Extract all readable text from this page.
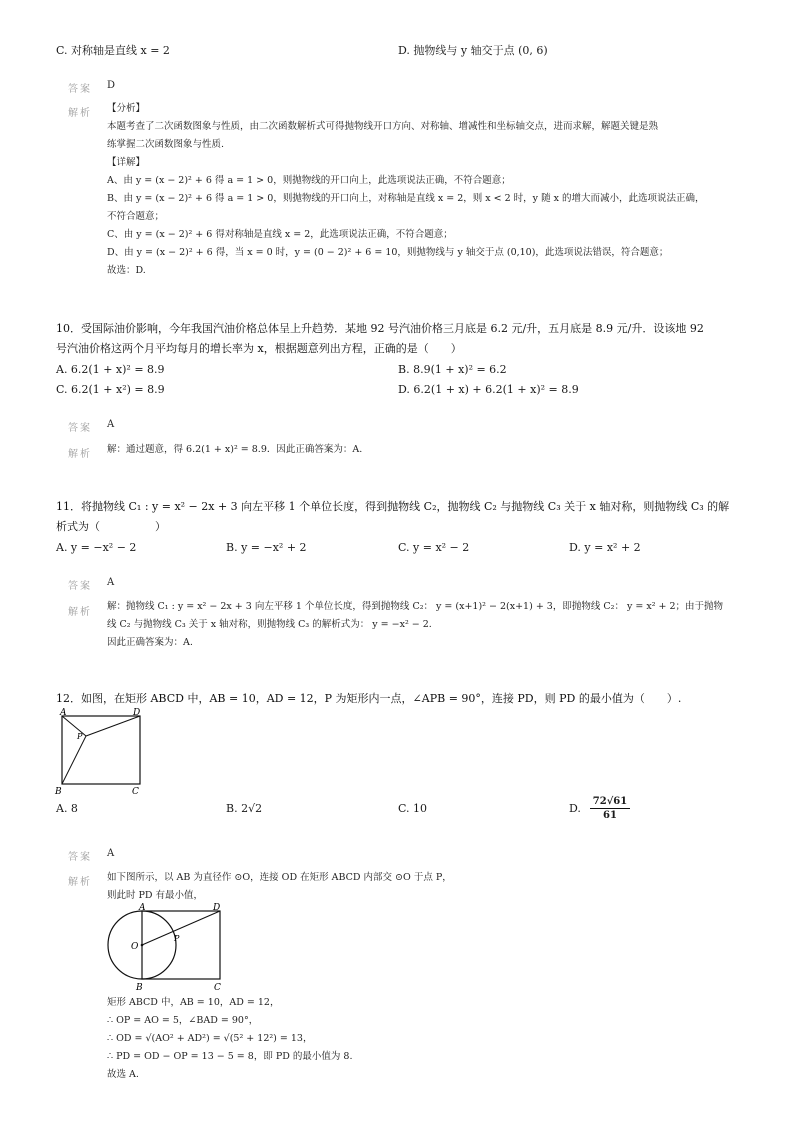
C. 对称轴是直线 x = 2	D. 抛物线与 y 轴交于点 (0, 6)
答案 D
解析 【分析】
本题考查了二次函数图象与性质，由二次函数解析式可得抛物线开口方向、对称轴、增减性和坐标轴交点，进而求解，解题关键是熟
练掌握二次函数图象与性质.
【详解】
A、由 y = (x − 2)² + 6 得 a = 1 > 0，则抛物线的开口向上，此选项说法正确，不符合题意；
B、由 y = (x − 2)² + 6 得 a = 1 > 0，则抛物线的开口向上，对称轴是直线 x = 2，则 x < 2 时，y 随 x 的增大而减小，此选项说法正确，
不符合题意；
C、由 y = (x − 2)² + 6 得对称轴是直线 x = 2，此选项说法正确，不符合题意；
D、由 y = (x − 2)² + 6 得，当 x = 0 时，y = (0 − 2)² + 6 = 10，则抛物线与 y 轴交于点 (0,10)，此选项说法错误，符合题意；
故选：D.
10．受国际油价影响，今年我国汽油价格总体呈上升趋势．某地 92 号汽油价格三月底是 6.2 元/升，五月底是 8.9 元/升．设该地 92
号汽油价格这两个月平均每月的增长率为 x，根据题意列出方程，正确的是（　　）
A. 6.2(1 + x)² = 8.9	B. 8.9(1 + x)² = 6.2
C. 6.2(1 + x²) = 8.9	D. 6.2(1 + x) + 6.2(1 + x)² = 8.9
答案 A
解析 解：通过题意，得 6.2(1 + x)² = 8.9．因此正确答案为：A.
11．将抛物线 C₁ : y = x² − 2x + 3 向左平移 1 个单位长度，得到抛物线 C₂，抛物线 C₂ 与抛物线 C₃ 关于 x 轴对称，则抛物线 C₃ 的解
析式为（　　　　　）
A. y = −x² − 2	B. y = −x² + 2	C. y = x² − 2	D. y = x² + 2
答案 A
解析
解：抛物线 C₁ : y = x² − 2x + 3 向左平移 1 个单位长度，得到抛物线 C₂： y = (x+1)² − 2(x+1) + 3，即抛物线 C₂： y = x² + 2；由于抛物
线 C₂ 与抛物线 C₃ 关于 x 轴对称，则抛物线 C₃ 的解析式为： y = −x² − 2.
因此正确答案为：A.
12．如图，在矩形 ABCD 中，AB = 10，AD = 12，P 为矩形内一点，∠APB = 90°，连接 PD，则 PD 的最小值为（　　）.
A	D
P
B	C
A. 8	B. 2√2	C. 10	D. $\frac{72√61}{61}$
答案 A
解析 如下图所示，以 AB 为直径作 ⊙O，连接 OD 在矩形 ABCD 内部交 ⊙O 于点 P，
则此时 PD 有最小值，
A	D
O
P
B	C
矩形 ABCD 中，AB = 10，AD = 12，
∴ OP = AO = 5，∠BAD = 90°，
∴ OD = √(AO² + AD²) = √(5² + 12²) = 13，
∴ PD = OD − OP = 13 − 5 = 8，即 PD 的最小值为 8.
故选 A.
